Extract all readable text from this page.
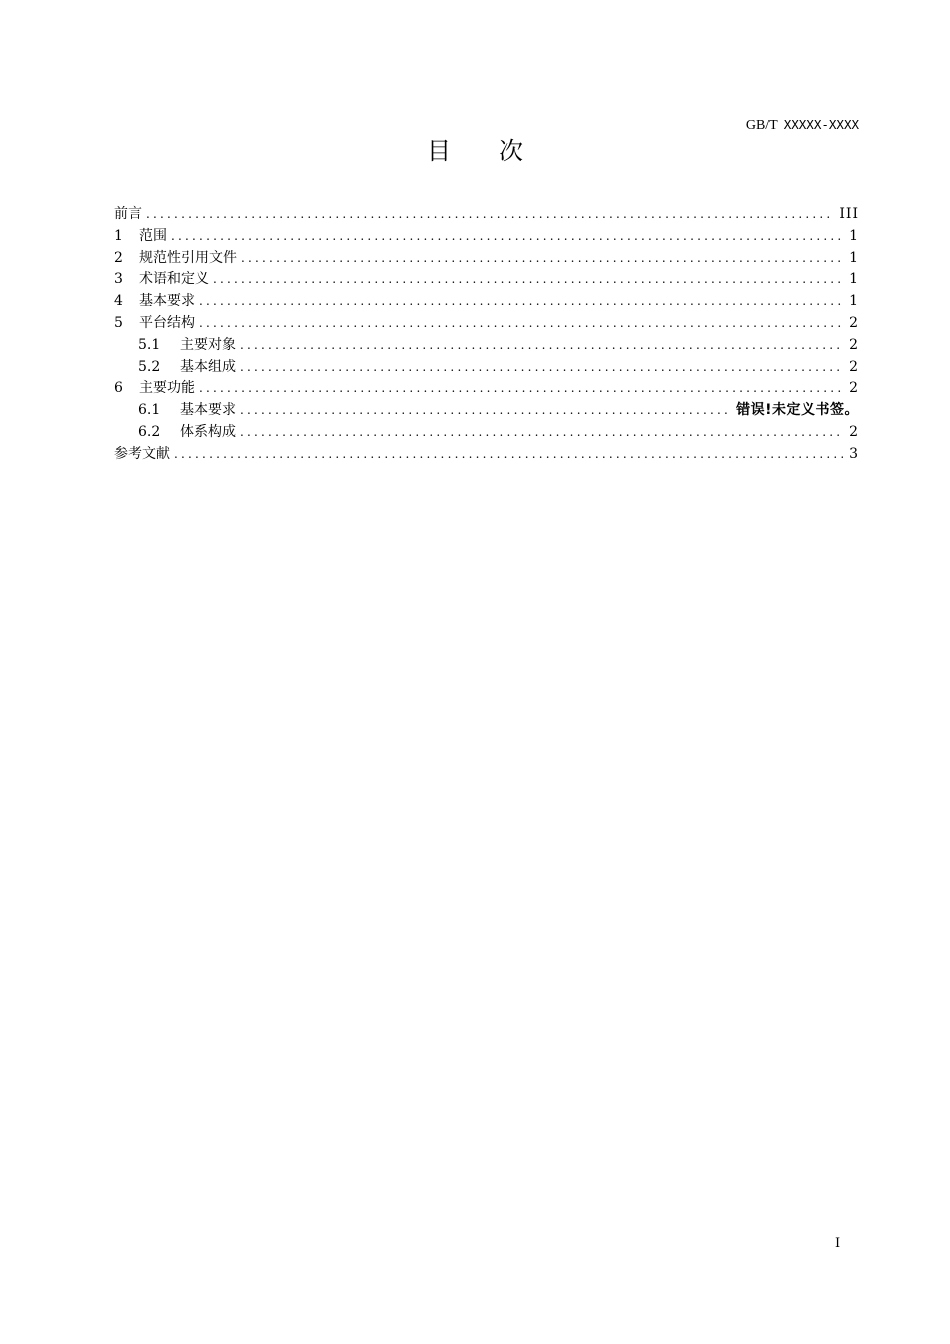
GB/T XXXXX-XXXX
目 次
前言 .....	III
1	范围 .....	1
2	规范性引用文件 .....	1
3	术语和定义 .....	1
4	基本要求 .....	1
5	平台结构 .....	2
5.1	主要对象 .....	2
5.2	基本组成 .....	2
6	主要功能 .....	2
6.1	基本要求 .....	错误!未定义书签。
6.2	体系构成 .....	2
参考文献 .....	3
I
